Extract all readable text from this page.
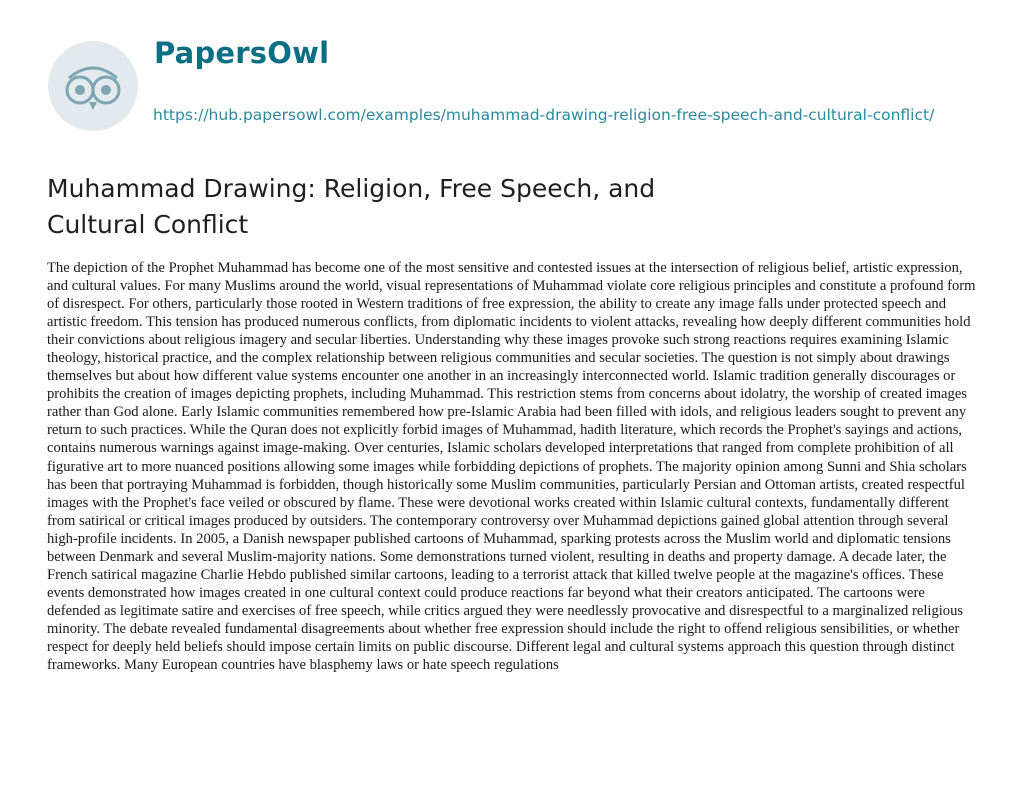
PapersOwl
https://hub.papersowl.com/examples/muhammad-drawing-religion-free-speech-and-cultural-conflict/
Muhammad Drawing: Religion, Free Speech, and Cultural Conflict

The depiction of the Prophet Muhammad has become one of the most sensitive and contested issues at the intersection of religious belief, artistic expression, and cultural values. For many Muslims around the world, visual representations of Muhammad violate core religious principles and constitute a profound form of disrespect. For others, particularly those rooted in Western traditions of free expression, the ability to create any image falls under protected speech and artistic freedom. This tension has produced numerous conflicts, from diplomatic incidents to violent attacks, revealing how deeply different communities hold their convictions about religious imagery and secular liberties. Understanding why these images provoke such strong reactions requires examining Islamic theology, historical practice, and the complex relationship between religious communities and secular societies. The question is not simply about drawings themselves but about how different value systems encounter one another in an increasingly interconnected world. Islamic tradition generally discourages or prohibits the creation of images depicting prophets, including Muhammad. This restriction stems from concerns about idolatry, the worship of created images rather than God alone. Early Islamic communities remembered how pre-Islamic Arabia had been filled with idols, and religious leaders sought to prevent any return to such practices. While the Quran does not explicitly forbid images of Muhammad, hadith literature, which records the Prophet's sayings and actions, contains numerous warnings against image-making. Over centuries, Islamic scholars developed interpretations that ranged from complete prohibition of all figurative art to more nuanced positions allowing some images while forbidding depictions of prophets. The majority opinion among Sunni and Shia scholars has been that portraying Muhammad is forbidden, though historically some Muslim communities, particularly Persian and Ottoman artists, created respectful images with the Prophet's face veiled or obscured by flame. These were devotional works created within Islamic cultural contexts, fundamentally different from satirical or critical images produced by outsiders. The contemporary controversy over Muhammad depictions gained global attention through several high-profile incidents. In 2005, a Danish newspaper published cartoons of Muhammad, sparking protests across the Muslim world and diplomatic tensions between Denmark and several Muslim-majority nations. Some demonstrations turned violent, resulting in deaths and property damage. A decade later, the French satirical magazine Charlie Hebdo published similar cartoons, leading to a terrorist attack that killed twelve people at the magazine's offices. These events demonstrated how images created in one cultural context could produce reactions far beyond what their creators anticipated. The cartoons were defended as legitimate satire and exercises of free speech, while critics argued they were needlessly provocative and disrespectful to a marginalized religious minority. The debate revealed fundamental disagreements about whether free expression should include the right to offend religious sensibilities, or whether respect for deeply held beliefs should impose certain limits on public discourse. Different legal and cultural systems approach this question through distinct frameworks. Many European countries have blasphemy laws or hate speech regulations
